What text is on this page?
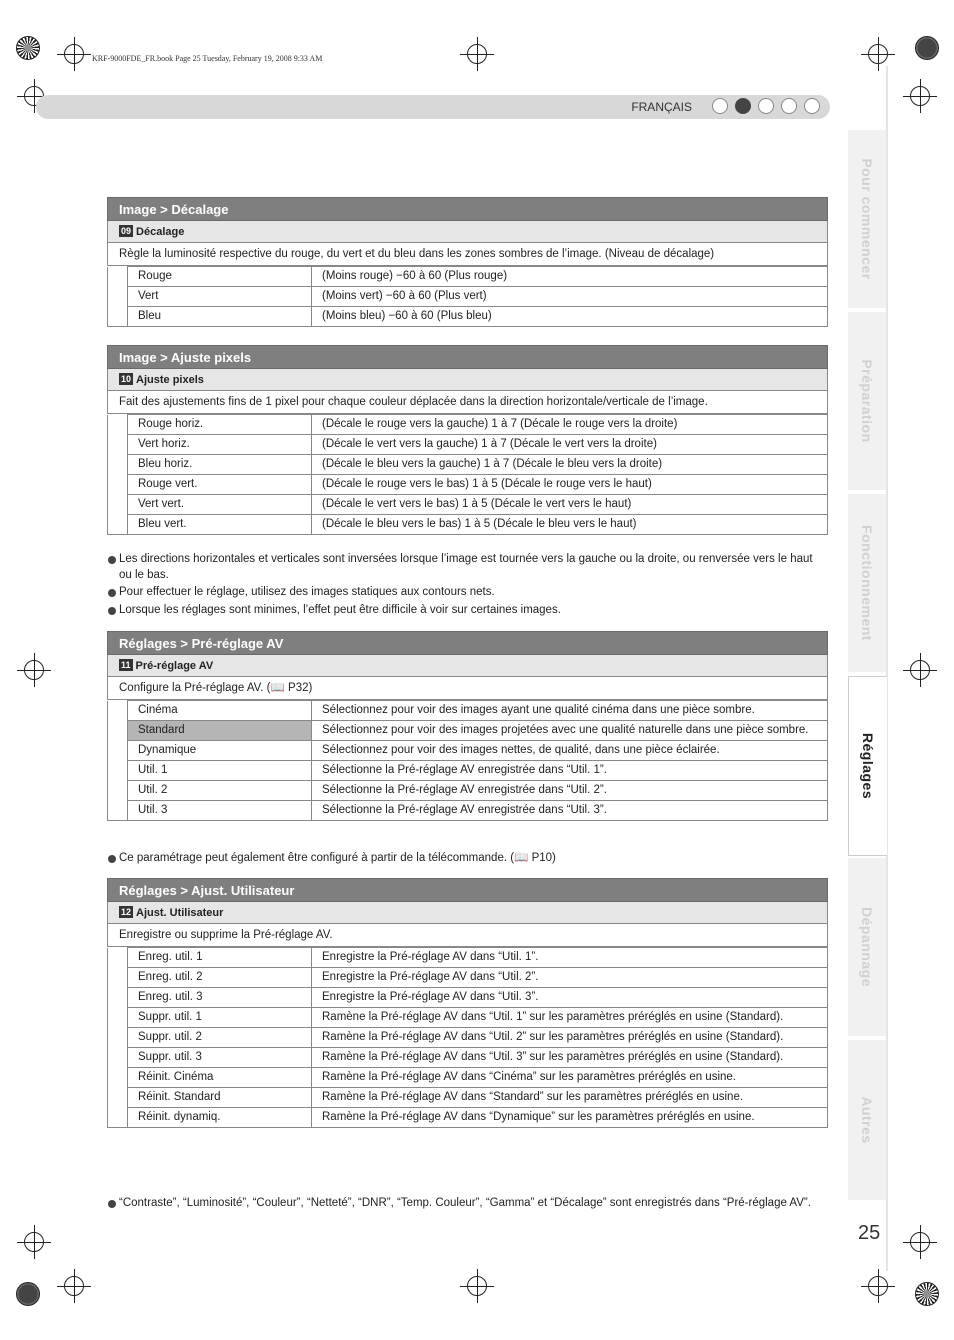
KRF-9000FDE_FR.book Page 25 Tuesday, February 19, 2008 9:33 AM
FRANÇAIS
Pour commencer
Préparation
Fonctionnement
Réglages
Dépannage
Autres
25
Image > Décalage
09 Décalage
Règle la luminosité respective du rouge, du vert et du bleu dans les zones sombres de l’image. (Niveau de décalage)
	Rouge	(Moins rouge) −60 à 60 (Plus rouge)
	Vert	(Moins vert) −60 à 60 (Plus vert)
	Bleu	(Moins bleu) −60 à 60 (Plus bleu)
Image > Ajuste pixels
10 Ajuste pixels
Fait des ajustements fins de 1 pixel pour chaque couleur déplacée dans la direction horizontale/verticale de l’image.
	Rouge horiz.	(Décale le rouge vers la gauche) 1 à 7 (Décale le rouge vers la droite)
	Vert horiz.	(Décale le vert vers la gauche) 1 à 7 (Décale le vert vers la droite)
	Bleu horiz.	(Décale le bleu vers la gauche) 1 à 7 (Décale le bleu vers la droite)
	Rouge vert.	(Décale le rouge vers le bas) 1 à 5 (Décale le rouge vers le haut)
	Vert vert.	(Décale le vert vers le bas) 1 à 5 (Décale le vert vers le haut)
	Bleu vert.	(Décale le bleu vers le bas) 1 à 5 (Décale le bleu vers le haut)
Les directions horizontales et verticales sont inversées lorsque l’image est tournée vers la gauche ou la droite, ou renversée vers le haut ou le bas.
Pour effectuer le réglage, utilisez des images statiques aux contours nets.
Lorsque les réglages sont minimes, l’effet peut être difficile à voir sur certaines images.
Réglages > Pré-réglage AV
11 Pré-réglage AV
Configure la Pré-réglage AV. (📖 P32)
	Cinéma	Sélectionnez pour voir des images ayant une qualité cinéma dans une pièce sombre.
	Standard	Sélectionnez pour voir des images projetées avec une qualité naturelle dans une pièce sombre.
	Dynamique	Sélectionnez pour voir des images nettes, de qualité, dans une pièce éclairée.
	Util. 1	Sélectionne la Pré-réglage AV enregistrée dans “Util. 1”.
	Util. 2	Sélectionne la Pré-réglage AV enregistrée dans “Util. 2”.
	Util. 3	Sélectionne la Pré-réglage AV enregistrée dans “Util. 3”.
Ce paramétrage peut également être configuré à partir de la télécommande. (📖 P10)
Réglages > Ajust. Utilisateur
12 Ajust. Utilisateur
Enregistre ou supprime la Pré-réglage AV.
	Enreg. util. 1	Enregistre la Pré-réglage AV dans “Util. 1”.
	Enreg. util. 2	Enregistre la Pré-réglage AV dans “Util. 2”.
	Enreg. util. 3	Enregistre la Pré-réglage AV dans “Util. 3”.
	Suppr. util. 1	Ramène la Pré-réglage AV dans “Util. 1” sur les paramètres préréglés en usine (Standard).
	Suppr. util. 2	Ramène la Pré-réglage AV dans “Util. 2” sur les paramètres préréglés en usine (Standard).
	Suppr. util. 3	Ramène la Pré-réglage AV dans “Util. 3” sur les paramètres préréglés en usine (Standard).
	Réinit. Cinéma	Ramène la Pré-réglage AV dans “Cinéma” sur les paramètres préréglés en usine.
	Réinit. Standard	Ramène la Pré-réglage AV dans “Standard” sur les paramètres préréglés en usine.
	Réinit. dynamiq.	Ramène la Pré-réglage AV dans “Dynamique” sur les paramètres préréglés en usine.
“Contraste”, “Luminosité”, “Couleur”, “Netteté”, “DNR”, “Temp. Couleur”, “Gamma” et “Décalage” sont enregistrés dans “Pré-réglage AV”.
